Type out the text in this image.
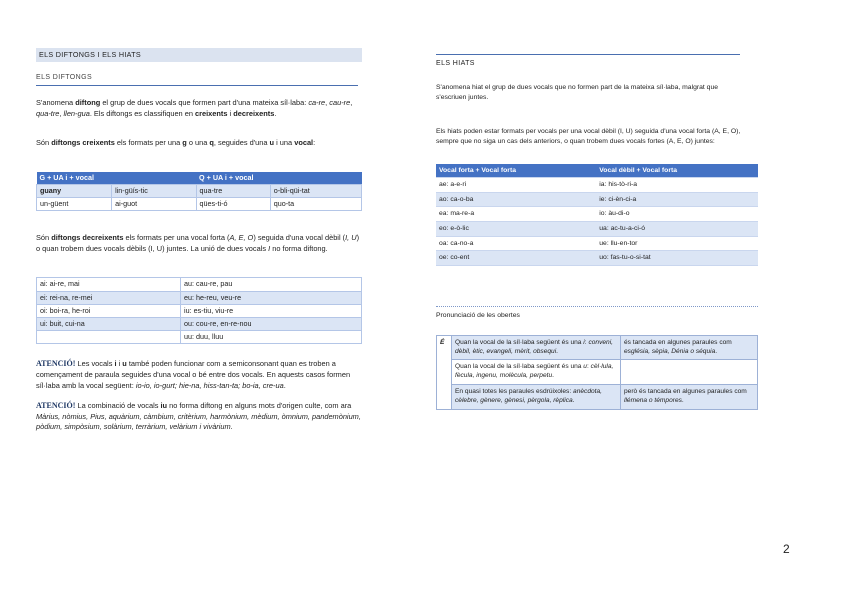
ELS DIFTONGS I ELS HIATS
ELS DIFTONGS

S'anomena diftong el grup de dues vocals que formen part d'una mateixa síl·laba: ca-re, cau-re, qua-tre, llen-gua. Els diftongs es classifiquen en creixents i decreixents.

Són diftongs creixents els formats per una g o una q, seguides d'una u i una vocal:

G + UA i + vocal		Q + UA i + vocal	
guany	lin-güís-tic	qua-tre	o-bli-qüi-tat
un-güent	ai-guot	qües-ti-ó	quo-ta

Són diftongs decreixents els formats per una vocal forta (A, E, O) seguida d'una vocal dèbil (I, U) o quan trobem dues vocals dèbils (I, U) juntes. La unió de dues vocals I no forma diftong.

ai: ai-re, mai	au: cau-re, pau
ei: rei-na, re-mei	eu: he-reu, veu-re
oi: boi-ra, he-roi	iu: es-tiu, viu-re
ui: buit, cui-na	ou: cou-re, en-re-nou
	uu: duu, lluu

ATENCIÓ! Les vocals i i u també poden funcionar com a semiconsonant quan es troben a començament de paraula seguides d'una vocal o bé entre dos vocals. En aquests casos formen síl·laba amb la vocal següent: io-io, io-gurt; hie-na, hiss-tan-ta; bo-ia, cre-ua.

ATENCIÓ! La combinació de vocals iu no forma diftong en alguns mots d'origen culte, com ara Màrius, nòmius, Pius, aquàrium, càmbium, critèrium, harmònium, mèdium, òmnium, pandemònium, pòdium, simpòsium, solàrium, terràrium, velàrium i vivàrium.

ELS HIATS

S'anomena hiat el grup de dues vocals que no formen part de la mateixa síl·laba, malgrat que s'escriuen juntes.

Els hiats poden estar formats per vocals per una vocal dèbil (I, U) seguida d'una vocal forta (A, E, O), sempre que no siga un cas dels anteriors, o quan trobem dues vocals fortes (A, E, O) juntes:

Vocal forta + Vocal forta	Vocal dèbil + Vocal forta
ae: a-e-ri	ia: his-tò-ri-a
ao: ca-o-ba	ie: ci-èn-ci-a
ea: ma-re-a	io: àu-di-o
eo: e-ò-lic	ua: ac-tu-a-ci-ó
oa: ca-no-a	ue: llu-en-tor
oe: co-ent	uo: fas-tu-o-si-tat
Pronunciació de les obertes
É	Quan la vocal de la síl·laba següent és una i: conveni, dèbil, ètic, evangeli, mèrit, obsequi.	és tancada en algunes paraules com església, sèpia, Dénia o séquia.
	Quan la vocal de la síl·laba següent és una u: cèl·lula, fècula, ingenu, molècula, perpetu.	
	En quasi totes les paraules esdrúixoles: anècdota, cèlebre, gènere, gènesi, pèrgola, rèplica.	però és tancada en algunes paraules com llémena o témpores.
2
